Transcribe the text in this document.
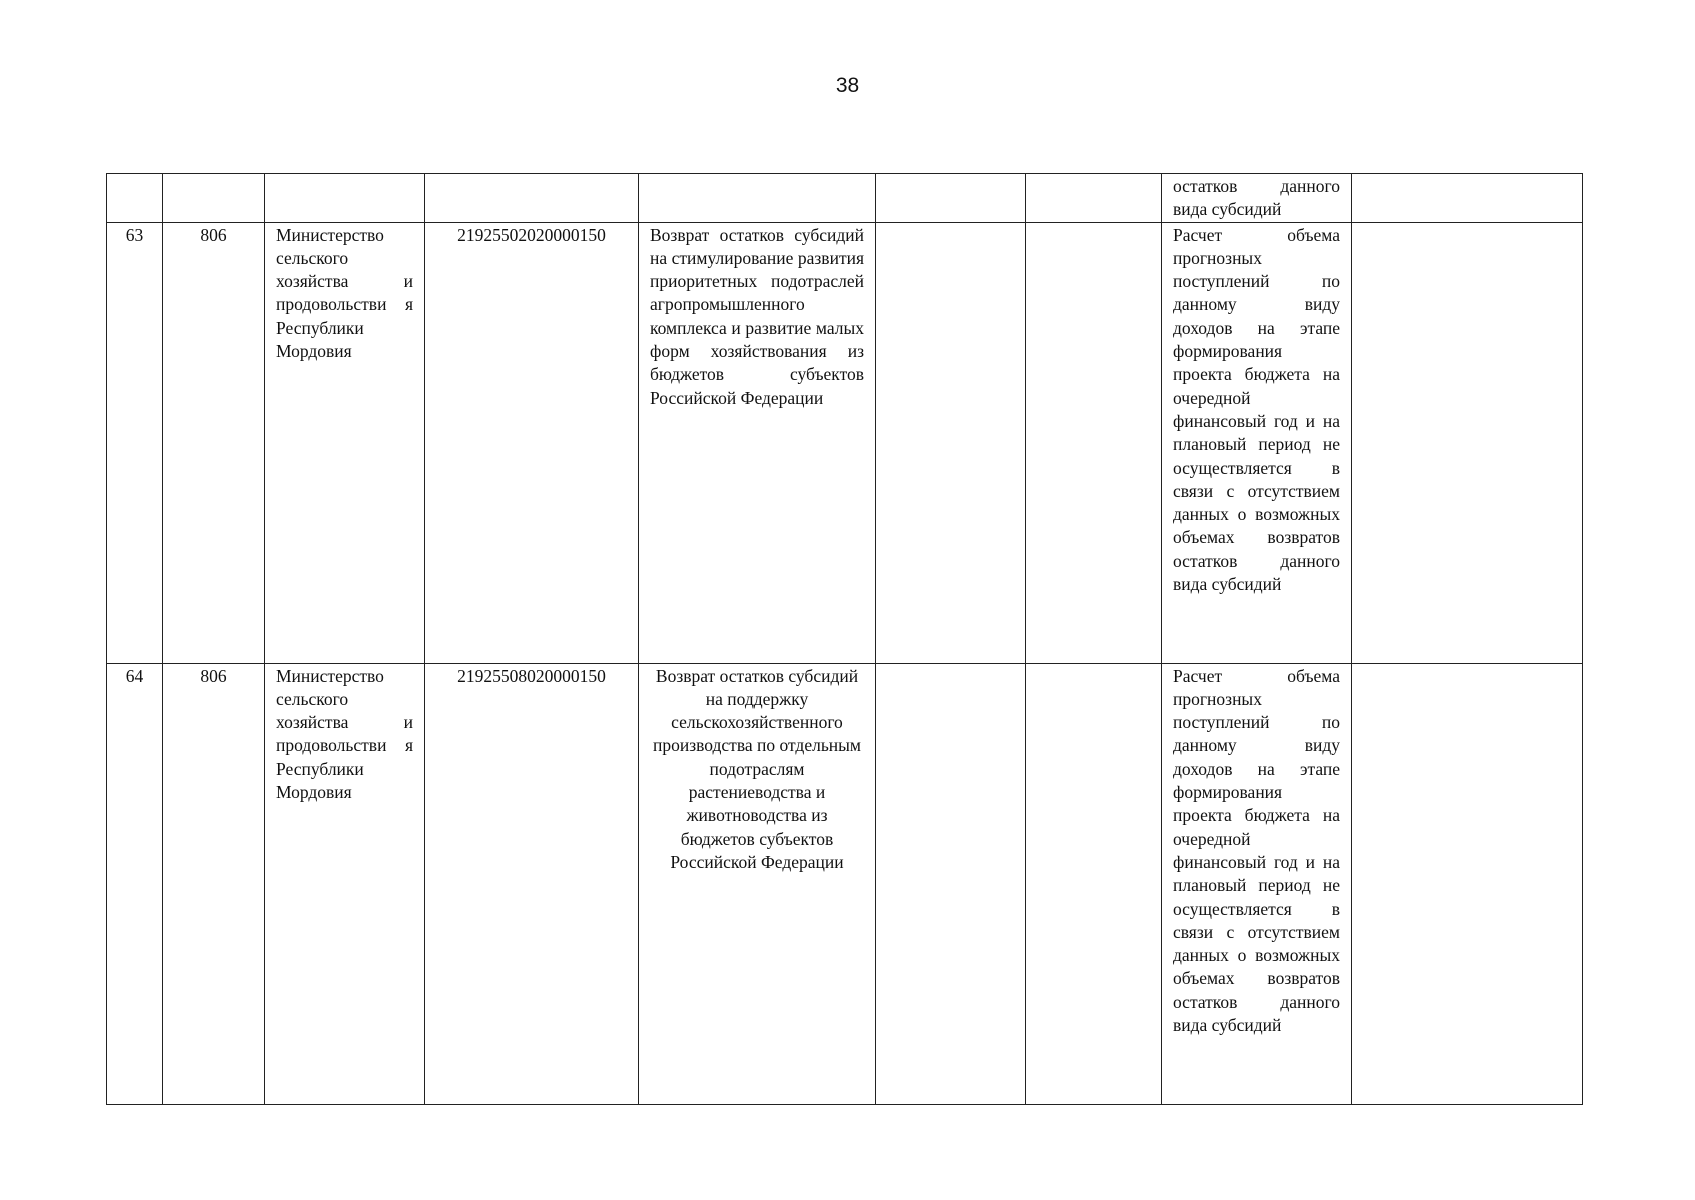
38
							остатков данного вида субсидий	
63	806	Министерство сельского хозяйства и продовольстви я Республики Мордовия	21925502020000150	Возврат остатков субсидий на стимулирование развития приоритетных подотраслей агропромышленного комплекса и развитие малых форм хозяйствования из бюджетов субъектов Российской Федерации			Расчет объема прогнозных поступлений по данному виду доходов на этапе формирования проекта бюджета на очередной финансовый год и на плановый период не осуществляется в связи с отсутствием данных о возможных объемах возвратов остатков данного вида субсидий	
64	806	Министерство сельского хозяйства и продовольстви я Республики Мордовия	21925508020000150	Возврат остатков субсидий на поддержку сельскохозяйственного производства по отдельным подотраслям растениеводства и животноводства из бюджетов субъектов Российской Федерации			Расчет объема прогнозных поступлений по данному виду доходов на этапе формирования проекта бюджета на очередной финансовый год и на плановый период не осуществляется в связи с отсутствием данных о возможных объемах возвратов остатков данного вида субсидий	
